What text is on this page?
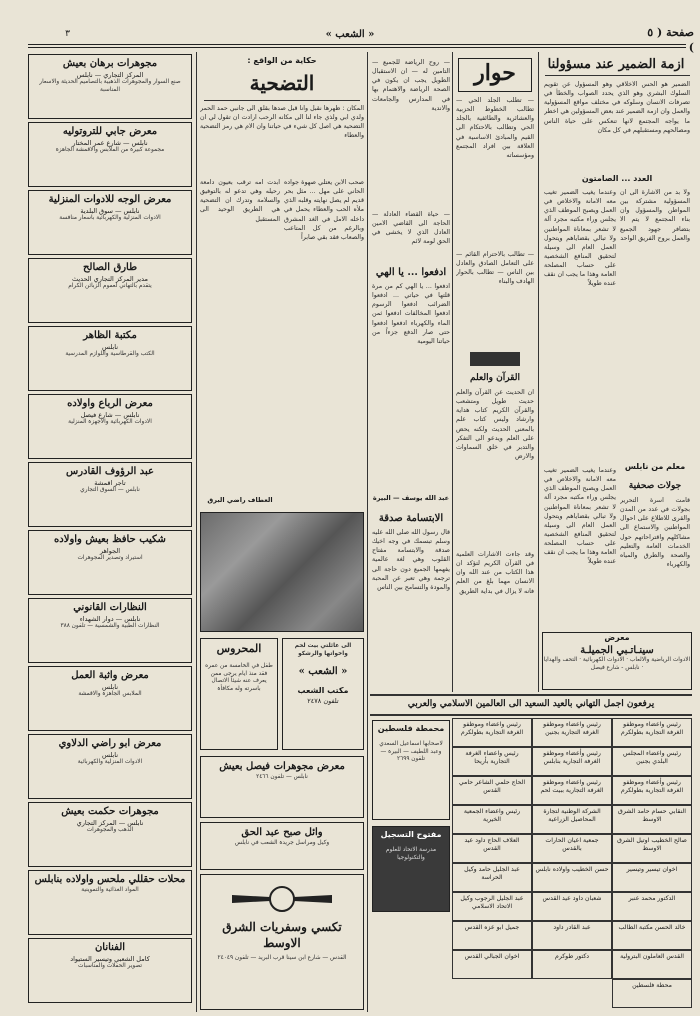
صفحة ( ٥ )
« الشعب »
٣
ازمة الضمير عند مسؤولنا
الضمير هو الحس الاخلاقي وهو المسؤول عن تقويم السلوك البشري وهو الذي يحدد الصواب والخطأ في تصرفات الانسان وسلوكه في مختلف مواقع المسؤولية والعمل وان ازمة الضمير عند بعض المسؤولين هي اخطر ما يواجه المجتمع لانها تنعكس على حياة الناس ومصالحهم ومستقبلهم في كل مكان
العدد ... الصامتون
وعندما يغيب الضمير تغيب معه الامانة والاخلاص في العمل ويصبح الموظف الذي يجلس وراء مكتبه مجرد آلة لا تشعر بمعاناة المواطنين ولا تبالي بقضاياهم ويتحول العمل العام الى وسيلة لتحقيق المنافع الشخصية على حساب المصلحة العامة وهذا ما يجب ان نقف عنده طويلاً
ولا بد من الاشارة الى ان المسؤولية مشتركة بين المواطن والمسؤول وان بناء المجتمع لا يتم الا بتضافر جهود الجميع والعمل بروح الفريق الواحد
معلم من نابلس
جولات صحفية
قامت اسرة التحرير بجولات في عدد من المدن والقرى للاطلاع على احوال المواطنين والاستماع الى مشاكلهم واقتراحاتهم حول الخدمات العامة والتعليم والصحة والطرق والمياه والكهرباء
وعندما يغيب الضمير تغيب معه الامانة والاخلاص في العمل ويصبح الموظف الذي يجلس وراء مكتبه مجرد آلة لا تشعر بمعاناة المواطنين ولا تبالي بقضاياهم ويتحول العمل العام الى وسيلة لتحقيق المنافع الشخصية على حساب المصلحة العامة وهذا ما يجب ان نقف عنده طويلاً
معرض
سينـاتـبي الجميلـة
الادوات الرياضية والالعاب · الادوات الكهربائية · التحف والهدايا · نابلس - شارع فيصل
حوار
— تطلب الجلد الحي — تطالب الخطوط الحزبية والعشائرية والطائفية بالجلد الحي وتطالب بالاحتكام الى القيم والمبادئ الاساسية في العلاقة بين افراد المجتمع ومؤسساته
— تطالب بالاحترام القائم — على التعامل الصادق والعادل بين الناس — تطالب بالحوار الهادف والبناء
القرآن والعلم
ان الحديث عن القرآن والعلم حديث طويل ومتشعب والقرآن الكريم كتاب هداية وارشاد وليس كتاب علم بالمعنى الحديث ولكنه يحض على العلم ويدعو الى التفكر والتدبر في خلق السماوات والارض
وقد جاءت الاشارات العلمية في القرآن الكريم لتؤكد ان هذا الكتاب من عند الله وان الانسان مهما بلغ من العلم فانه لا يزال في بداية الطريق
— روح الرياضة للجميع — التامين له — ان الاستقبال الطويل يجب ان يكون في الصحة الرياضة والاهتمام بها في المدارس والجامعات والاندية
— حياة القضاء العادلة — الحاجة الى القاضي الامين العادل الذي لا يخشى في الحق لومة لائم
ادفعوا ... يا الهي
ادفعوا ... يا الهي كم من مرة قلتها في حياتي ... ادفعوا الضرائب ادفعوا الرسوم ادفعوا المخالفات ادفعوا ثمن الماء والكهرباء ادفعوا ادفعوا حتى صار الدفع جزءاً من حياتنا اليومية
عبد الله يوسف — البيرة
الابتسامة صدقة
قال رسول الله صلى الله عليه وسلم تبسمك في وجه اخيك صدقة والابتسامة مفتاح القلوب وهي لغة عالمية يفهمها الجميع دون حاجة الى ترجمة وهي تعبر عن المحبة والمودة والتسامح بين الناس
حكاية من الواقع :
التضحية
المكان : ظهرها نقبل وانا قبل صدها بقلق الى جانبي حمد الحمر ولدي ابي ولذي جاء لنا الى مكانه الرحب ارادت ان تقول لي ان التضحية هي اصل كل شيء في حياتنا وان الام هي رمز التضحية والعطاء
صحب الابن يعتلي صهوة جواده الحاني على مهل ... مثل بحر قديم لم يصل نهايته وقلبه الذي ملأه الحب والعطاء يحمل في داخله الامل في الغد المشرق وبالرغم من كل المتاعب والصعاب فقد بقي صابراً
ابدت امه ترقب بعيون دامعة رحيله وهي تدعو له بالتوفيق والسلامة وتدرك ان التضحية هي الطريق الوحيد الى المستقبل
العطاف راضي البرق
الى عائلتي بيت لحم واخواتها والرشكو
« الشعب »
مكتب الشعب
تلفون ٢٤٧٨
المحروس
طفل في الخامسة من عمره فقد منذ ايام يرجى ممن يعرف عنه شيئاً الاتصال باسرته وله مكافأة
مجوهرات برهان بعيش
المركز التجاري — نابلس
صنع السوار والمجوهرات الذهبية بالتصاميم الحديثة والاسعار المناسبة
معرض جابي للتروتوليه
نابلس — شارع عمر المختار
مجموعة كبيرة من الملابس والاقمشة الجاهزة
معرض الوجه للادوات المنزلية
نابلس — سوق البلدية
الادوات المنزلية والكهربائية باسعار منافسة
طارق الصالح
مدير المركز التجاري الحديث
يتقدم بالتهاني لعموم الزبائن الكرام
مكتبة الظاهر
نابلس
الكتب والقرطاسية واللوازم المدرسية
معرض الرباع واولاده
نابلس — شارع فيصل
الادوات الكهربائية والاجهزة المنزلية
عبد الرؤوف القادرس
تاجر اقمشة
نابلس — السوق التجاري
شكيب حافظ بعيش واولاده
الجواهر
استيراد وتصدير المجوهرات
النظارات القانوني
نابلس — دوار الشهداء
النظارات الطبية والشمسية — تلفون ٣٨٨
معرض واثبة العمل
نابلس
الملابس الجاهزة والاقمشة
معرض ابو راضي الدلاوي
نابلس
الادوات المنزلية والكهربائية
مجوهرات حكمت بعيش
نابلس — المركز التجاري
الذهب والمجوهرات
محلات حقللي ملحس واولاده بنابلس
المواد الغذائية والتموينية
الفنانان
كامل الشعبي وتيسير الستيواد
تصوير الحفلات والمناسبات
يرفعون اجمل التهاني بالعيد السعيد الى العالمين الاسلامي والعربي
رئيس واعضاء وموظفو الغرفة التجارية بطولكرم
رئيس واعضاء وموظفو الغرفة التجارية بجنين
رئيس واعضاء وموظفو الغرفة التجارية بطولكرم
رئيس واعضاء المجلس البلدي بجنين
رئيس وأعضاء وموظفو الغرفة التجارية بنابلس
رئيس واعضاء الغرفة التجارية بأريحا
رئيس وأعضاء وموظفو الغرفة التجارية بطولكرم
رئيس واعضاء وموظفو الغرفة التجارية ببيت لحم
الحاج حلمي الشاعر حامي القدس
النقابي حسام حامد الشرق الاوسط
الشركة الوطنية لتجارة المحاصيل الزراعية
رئيس واعضاء الجمعية الخيرية
صالح الخطيب اوتيل الشرق الاوسط
جمعية اعيان الحارات بالقدس
العلاف الحاج داود عيد القدس
اخوان تيسير وتيسير
حسن الخطيب واولاده نابلس
عبد الجليل حامد وكيل الحراسة
الدكتور محمد عنبر
شعبان داود عيد القدس
عبد الجليل الرجوب وكيل الاتحاد الاسلامي
خالد الحسن مكتبة الطالب
عبد القادر داود
جميل ابو عزه القدس
القدس العاملون البترولية
دكتور طوكرم
اخوان الجبالي القدس
محطة فلسطين
محمطة فلسطين
لاصحابها اسماعيل السعدي وعبد اللطيف — البيرة — تلفون ٢٦٩٩
مفتوح التسجيل
مدرسة الاتحاد للعلوم والتكنولوجيا
معرض مجوهرات فيصل بعيش
نابلس — تلفون ٢٤٦٦
وائل صبح عبد الحق
وكيل ومراسل جريدة الشعب في نابلس
تكسي وسفريات الشرق الاوسط
القدس — شارع ابن سينا قرب البريد — تلفون ٢٤٠٤٩
